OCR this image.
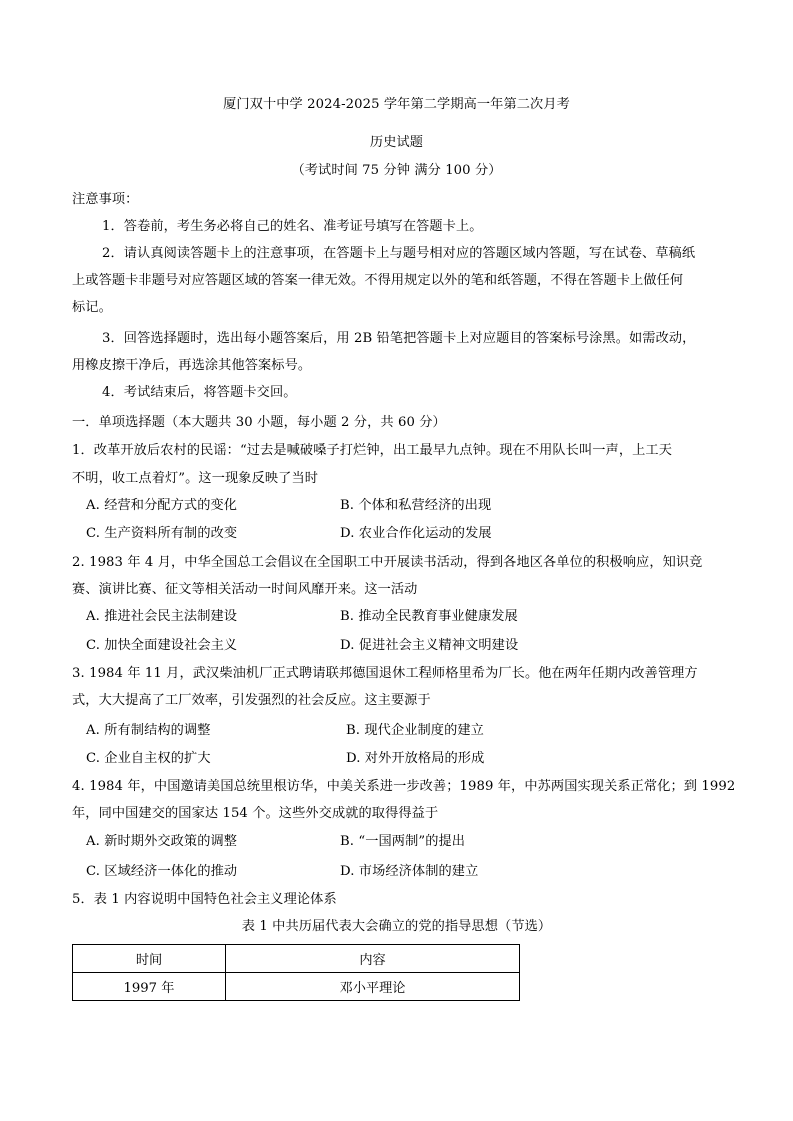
厦门双十中学 2024-2025 学年第二学期高一年第二次月考
历史试题
（考试时间 75 分钟 满分 100 分）
注意事项：
1．答卷前，考生务必将自己的姓名、准考证号填写在答题卡上。
2．请认真阅读答题卡上的注意事项，在答题卡上与题号相对应的答题区域内答题，写在试卷、草稿纸
上或答题卡非题号对应答题区域的答案一律无效。不得用规定以外的笔和纸答题，不得在答题卡上做任何
标记。
3．回答选择题时，选出每小题答案后，用 2B 铅笔把答题卡上对应题目的答案标号涂黑。如需改动，
用橡皮擦干净后，再选涂其他答案标号。
4．考试结束后，将答题卡交回。
一．单项选择题（本大题共 30 小题，每小题 2 分，共 60 分）
1．改革开放后农村的民谣：“过去是喊破嗓子打烂钟，出工最早九点钟。现在不用队长叫一声，上工天
不明，收工点着灯”。这一现象反映了当时
A. 经营和分配方式的变化	B. 个体和私营经济的出现
C. 生产资料所有制的改变	D. 农业合作化运动的发展
2. 1983 年 4 月，中华全国总工会倡议在全国职工中开展读书活动，得到各地区各单位的积极响应，知识竞
赛、演讲比赛、征文等相关活动一时间风靡开来。这一活动
A. 推进社会民主法制建设	B. 推动全民教育事业健康发展
C. 加快全面建设社会主义	D. 促进社会主义精神文明建设
3. 1984 年 11 月，武汉柴油机厂正式聘请联邦德国退休工程师格里希为厂长。他在两年任期内改善管理方
式，大大提高了工厂效率，引发强烈的社会反应。这主要源于
A. 所有制结构的调整	B. 现代企业制度的建立
C. 企业自主权的扩大	D. 对外开放格局的形成
4. 1984 年，中国邀请美国总统里根访华，中美关系进一步改善；1989 年，中苏两国实现关系正常化；到 1992
年，同中国建交的国家达 154 个。这些外交成就的取得得益于
A. 新时期外交政策的调整	B. “一国两制”的提出
C. 区域经济一体化的推动	D. 市场经济体制的建立
5．表 1 内容说明中国特色社会主义理论体系
表 1 中共历届代表大会确立的党的指导思想（节选）
时间	内容
1997 年	邓小平理论
